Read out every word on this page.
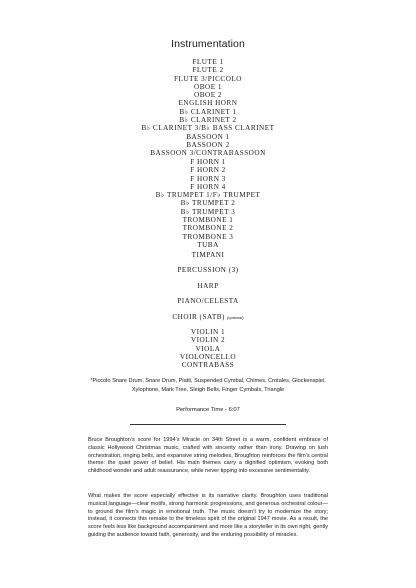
Instrumentation
FLUTE 1
FLUTE 2
FLUTE 3/PICCOLO
OBOE 1
OBOE 2
ENGLISH HORN
B♭ CLARINET 1
B♭ CLARINET 2
B♭ CLARINET 3/B♭ BASS CLARINET
BASSOON 1
BASSOON 2
BASSOON 3/CONTRABASSOON
F HORN 1
F HORN 2
F HORN 3
F HORN 4
B♭ TRUMPET 1/F♭ TRUMPET
B♭ TRUMPET 2
B♭ TRUMPET 3
TROMBONE 1
TROMBONE 2
TROMBONE 3
TUBA
TIMPANI
PERCUSSION (3)
HARP
PIANO/CELESTA
CHOIR (SATB) (optional)
VIOLIN 1
VIOLIN 2
VIOLA
VIOLONCELLO
CONTRABASS
*Piccolo Snare Drum, Snare Drum, Piatti, Suspended Cymbal, Chimes, Crotales, Glockenspiel, Xylophone, Mark Tree, Sleigh Bells, Finger Cymbals, Triangle
Performance Time - 6:07
Bruce Broughton’s score for 1994’s Miracle on 34th Street is a warm, confident embrace of classic Hollywood Christmas music, crafted with sincerity rather than irony. Drawing on lush orchestration, ringing bells, and expansive string melodies, Broughton reinforces the film’s central theme: the quiet power of belief. His main themes carry a dignified optimism, evoking both childhood wonder and adult reassurance, while never tipping into excessive sentimentality.
What makes the score especially effective is its narrative clarity. Broughton uses traditional musical language—clear motifs, strong harmonic progressions, and generous orchestral colour—to ground the film’s magic in emotional truth. The music doesn’t try to modernize the story; instead, it connects this remake to the timeless spirit of the original 1947 movie. As a result, the score feels less like background accompaniment and more like a storyteller in its own right, gently guiding the audience toward faith, generosity, and the enduring possibility of miracles.
